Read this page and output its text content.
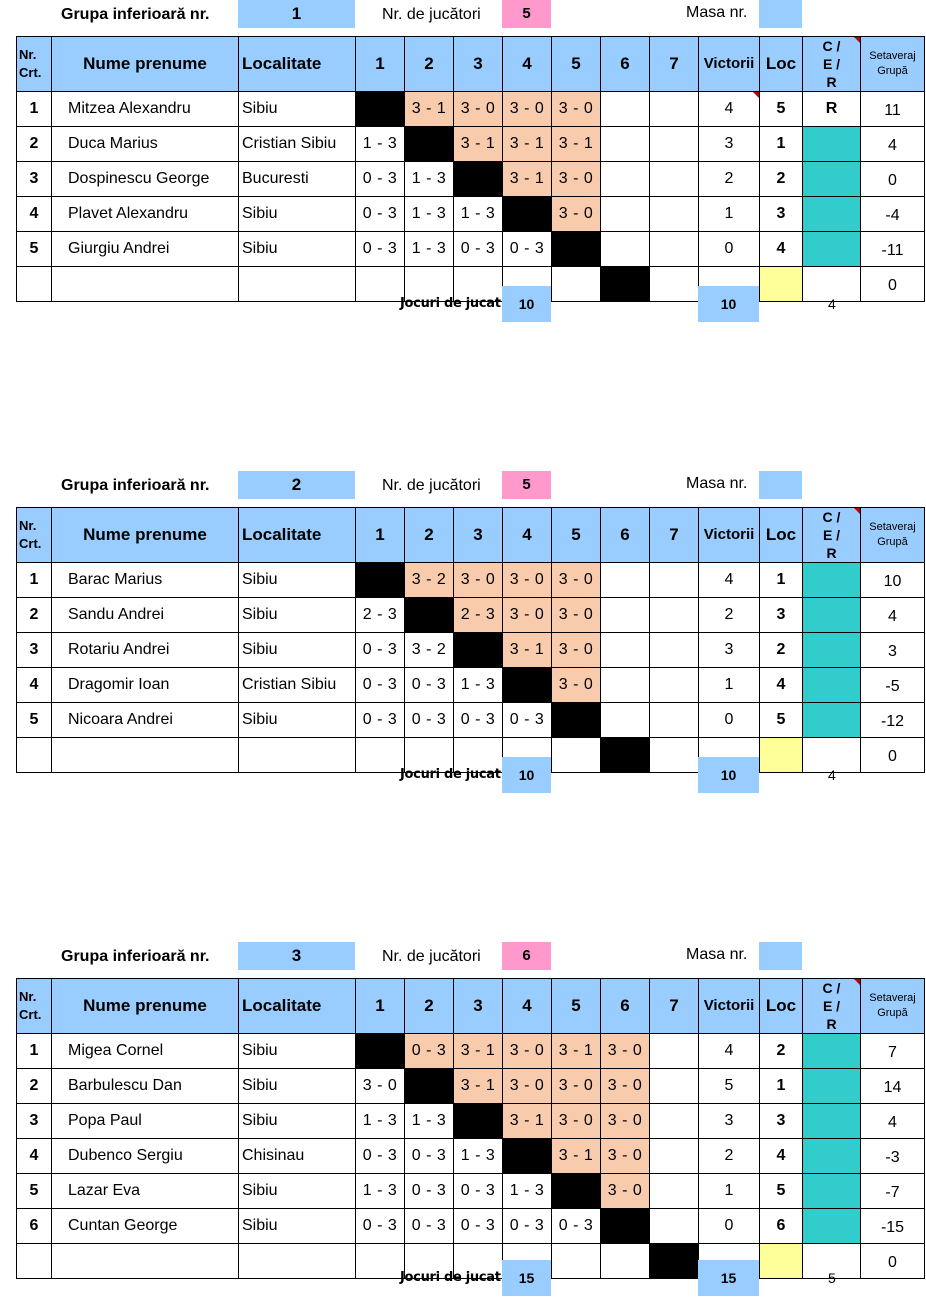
Grupa inferioară nr.	1	Nr. de jucători	5	Masa nr.
Nr. Crt.	Nume prenume	Localitate	1	2	3	4	5	6	7	Victorii	Loc	C / E / R	Setaveraj Grupă
1	Mitzea Alexandru	Sibiu		3 - 1	3 - 0	3 - 0	3 - 0			4	5	R	11
2	Duca Marius	Cristian Sibiu	1 - 3		3 - 1	3 - 1	3 - 1			3	1		4
3	Dospinescu George	Bucuresti	0 - 3	1 - 3		3 - 1	3 - 0			2	2		0
4	Plavet Alexandru	Sibiu	0 - 3	1 - 3	1 - 3		3 - 0			1	3		-4
5	Giurgiu Andrei	Sibiu	0 - 3	1 - 3	0 - 3	0 - 3				0	4		-11
													0
Jocuri de jucat	10	10	4
Grupa inferioară nr.	2	Nr. de jucători	5	Masa nr.
Nr. Crt.	Nume prenume	Localitate	1	2	3	4	5	6	7	Victorii	Loc	C / E / R	Setaveraj Grupă
1	Barac Marius	Sibiu		3 - 2	3 - 0	3 - 0	3 - 0			4	1		10
2	Sandu Andrei	Sibiu	2 - 3		2 - 3	3 - 0	3 - 0			2	3		4
3	Rotariu Andrei	Sibiu	0 - 3	3 - 2		3 - 1	3 - 0			3	2		3
4	Dragomir Ioan	Cristian Sibiu	0 - 3	0 - 3	1 - 3		3 - 0			1	4		-5
5	Nicoara Andrei	Sibiu	0 - 3	0 - 3	0 - 3	0 - 3				0	5		-12
													0
Jocuri de jucat	10	10	4
Grupa inferioară nr.	3	Nr. de jucători	6	Masa nr.
Nr. Crt.	Nume prenume	Localitate	1	2	3	4	5	6	7	Victorii	Loc	C / E / R	Setaveraj Grupă
1	Migea Cornel	Sibiu		0 - 3	3 - 1	3 - 0	3 - 1	3 - 0		4	2		7
2	Barbulescu Dan	Sibiu	3 - 0		3 - 1	3 - 0	3 - 0	3 - 0		5	1		14
3	Popa Paul	Sibiu	1 - 3	1 - 3		3 - 1	3 - 0	3 - 0		3	3		4
4	Dubenco Sergiu	Chisinau	0 - 3	0 - 3	1 - 3		3 - 1	3 - 0		2	4		-3
5	Lazar Eva	Sibiu	1 - 3	0 - 3	0 - 3	1 - 3		3 - 0		1	5		-7
6	Cuntan George	Sibiu	0 - 3	0 - 3	0 - 3	0 - 3	0 - 3			0	6		-15
													0
Jocuri de jucat	15	15	5
